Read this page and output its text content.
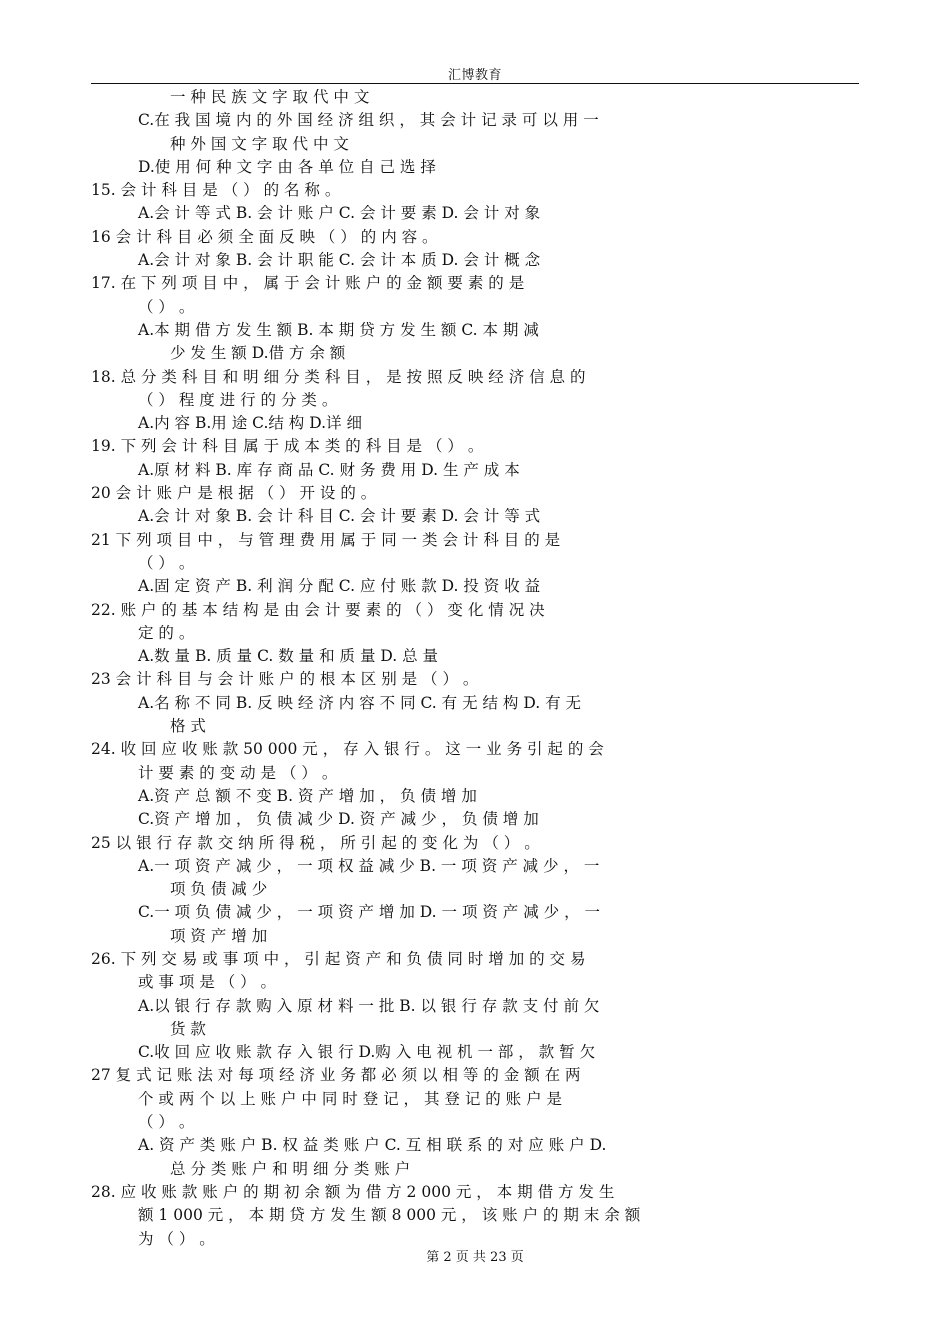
汇博教育
一 种 民 族 文 字 取 代 中 文
C.在 我 国 境 内 的 外 国 经 济 组 织 ， 其 会 计 记 录 可 以 用 一
种 外 国 文 字 取 代 中 文
D.使 用 何 种 文 字 由 各 单 位 自 己 选 择
15. 会 计 科 目 是 （ ） 的 名 称 。
A.会 计 等 式 B. 会 计 账 户 C. 会 计 要 素 D. 会 计 对 象
16 会 计 科 目 必 须 全 面 反 映 （ ） 的 内 容 。
A.会 计 对 象 B. 会 计 职 能 C. 会 计 本 质 D. 会 计 概 念
17. 在 下 列 项 目 中 ， 属 于 会 计 账 户 的 金 额 要 素 的 是
（ ） 。
A.本 期 借 方 发 生 额 B. 本 期 贷 方 发 生 额 C. 本 期 减
少 发 生 额 D.借 方 余 额
18. 总 分 类 科 目 和 明 细 分 类 科 目 ， 是 按 照 反 映 经 济 信 息 的
（ ） 程 度 进 行 的 分 类 。
A.内 容 B.用 途 C.结 构 D.详 细
19. 下 列 会 计 科 目 属 于 成 本 类 的 科 目 是 （ ） 。
A.原 材 料 B. 库 存 商 品 C. 财 务 费 用 D. 生 产 成 本
20 会 计 账 户 是 根 据 （ ） 开 设 的 。
A.会 计 对 象 B. 会 计 科 目 C. 会 计 要 素 D. 会 计 等 式
21 下 列 项 目 中 ， 与 管 理 费 用 属 于 同 一 类 会 计 科 目 的 是
（ ） 。
A.固 定 资 产 B. 利 润 分 配 C. 应 付 账 款 D. 投 资 收 益
22. 账 户 的 基 本 结 构 是 由 会 计 要 素 的 （ ） 变 化 情 况 决
定 的 。
A.数 量 B. 质 量 C. 数 量 和 质 量 D. 总 量
23 会 计 科 目 与 会 计 账 户 的 根 本 区 别 是 （ ） 。
A.名 称 不 同 B. 反 映 经 济 内 容 不 同 C. 有 无 结 构 D. 有 无
格 式
24. 收 回 应 收 账 款 50 000 元 ， 存 入 银 行 。 这 一 业 务 引 起 的 会
计 要 素 的 变 动 是 （ ） 。
A.资 产 总 额 不 变 B. 资 产 增 加 ， 负 债 增 加
C.资 产 增 加 ， 负 债 减 少 D. 资 产 减 少 ， 负 债 增 加
25 以 银 行 存 款 交 纳 所 得 税 ， 所 引 起 的 变 化 为 （ ） 。
A.一 项 资 产 减 少 ， 一 项 权 益 减 少 B. 一 项 资 产 减 少 ， 一
项 负 债 减 少
C.一 项 负 债 减 少 ， 一 项 资 产 增 加 D. 一 项 资 产 减 少 ， 一
项 资 产 增 加
26. 下 列 交 易 或 事 项 中 ， 引 起 资 产 和 负 债 同 时 增 加 的 交 易
或 事 项 是 （ ） 。
A.以 银 行 存 款 购 入 原 材 料 一 批 B. 以 银 行 存 款 支 付 前 欠
货 款
C.收 回 应 收 账 款 存 入 银 行 D.购 入 电 视 机 一 部 ， 款 暂 欠
27 复 式 记 账 法 对 每 项 经 济 业 务 都 必 须 以 相 等 的 金 额 在 两
个 或 两 个 以 上 账 户 中 同 时 登 记 ， 其 登 记 的 账 户 是
（ ） 。
A. 资 产 类 账 户 B. 权 益 类 账 户 C. 互 相 联 系 的 对 应 账 户 D.
总 分 类 账 户 和 明 细 分 类 账 户
28. 应 收 账 款 账 户 的 期 初 余 额 为 借 方 2 000 元 ， 本 期 借 方 发 生
额 1 000 元 ， 本 期 贷 方 发 生 额 8 000 元 ， 该 账 户 的 期 末 余 额
为 （ ） 。
第 2 页 共 23 页
